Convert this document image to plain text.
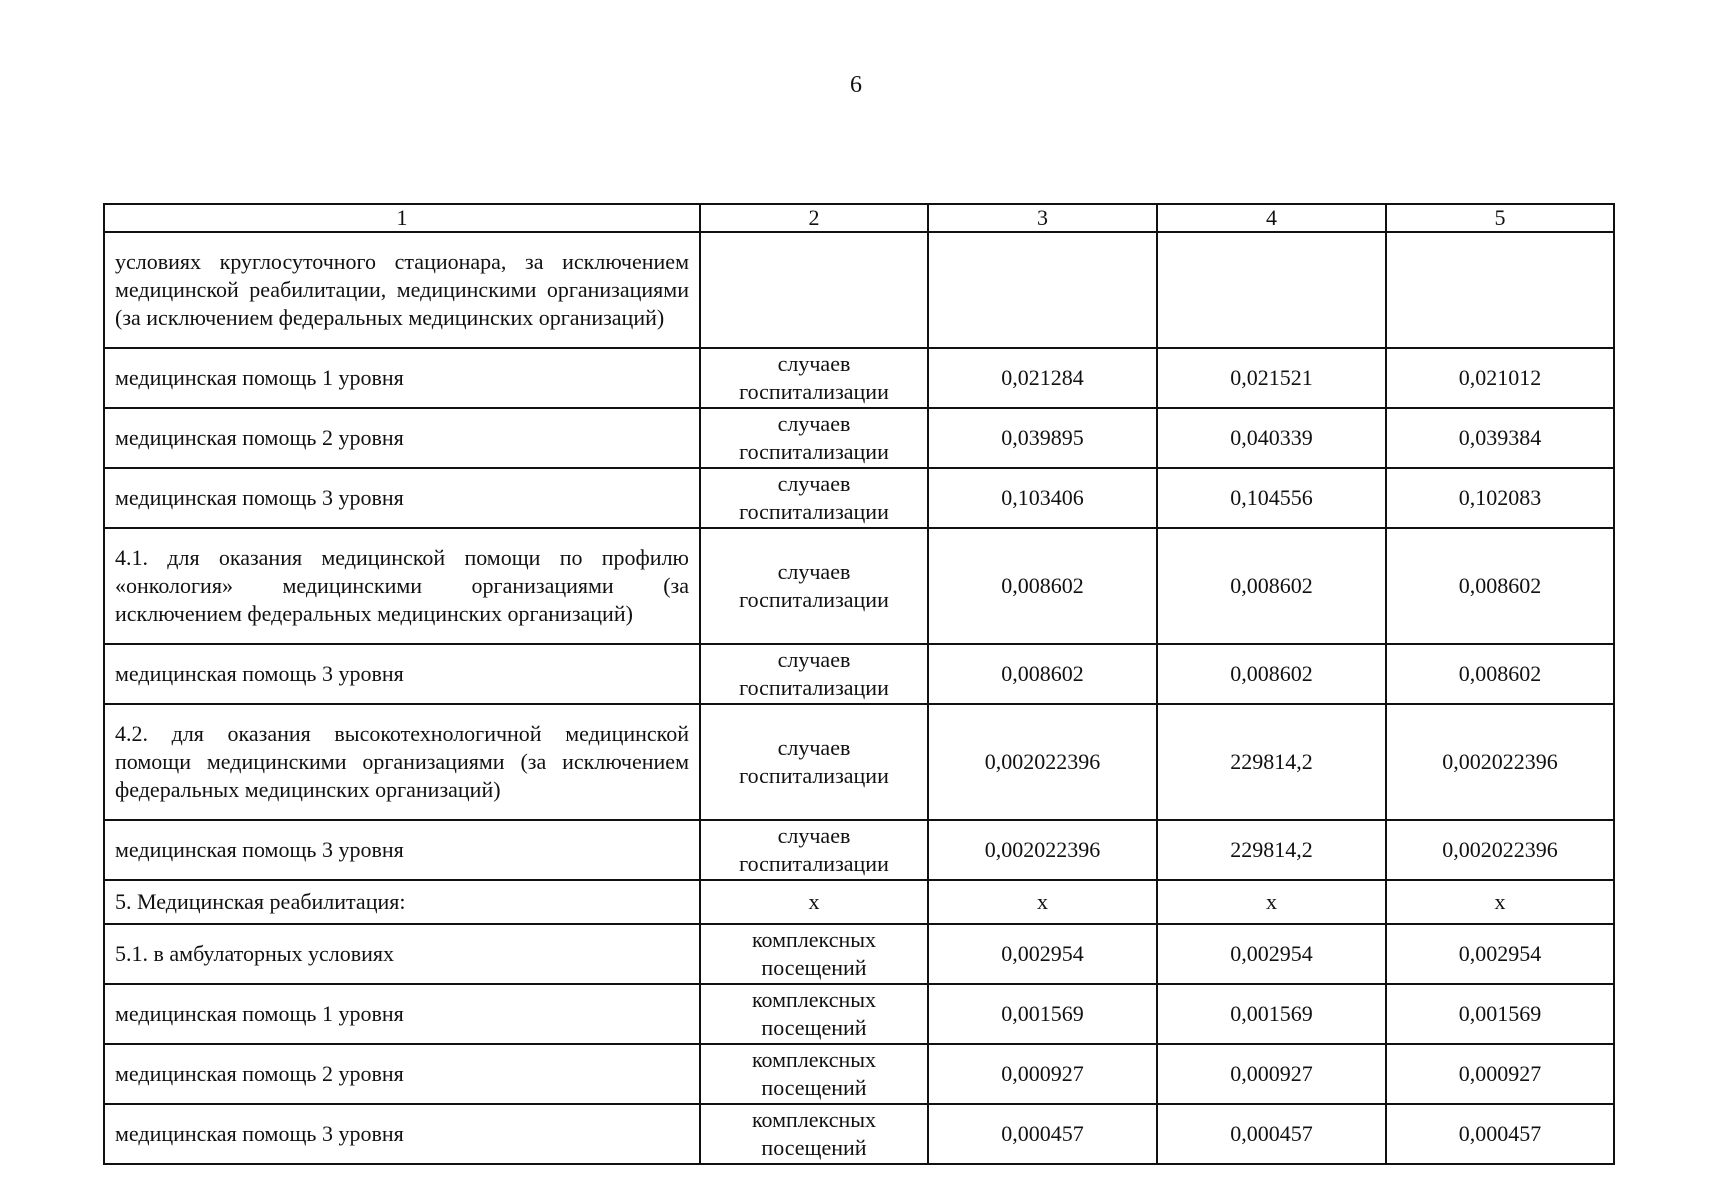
6
1	2	3	4	5
условиях круглосуточного стационара, за исключением медицинской реабилитации, медицинскими организациями (за исключением федеральных медицинских организаций)				
медицинская помощь 1 уровня	случаев госпитализации	0,021284	0,021521	0,021012
медицинская помощь 2 уровня	случаев госпитализации	0,039895	0,040339	0,039384
медицинская помощь 3 уровня	случаев госпитализации	0,103406	0,104556	0,102083
4.1. для оказания медицинской помощи по профилю «онкология» медицинскими организациями (за исключением федеральных медицинских организаций)	случаев госпитализации	0,008602	0,008602	0,008602
медицинская помощь 3 уровня	случаев госпитализации	0,008602	0,008602	0,008602
4.2. для оказания высокотехнологичной медицинской помощи медицинскими организациями (за исключением федеральных медицинских организаций)	случаев госпитализации	0,002022396	229814,2	0,002022396
медицинская помощь 3 уровня	случаев госпитализации	0,002022396	229814,2	0,002022396
5. Медицинская реабилитация:	х	х	х	х
5.1. в амбулаторных условиях	комплексных посещений	0,002954	0,002954	0,002954
медицинская помощь 1 уровня	комплексных посещений	0,001569	0,001569	0,001569
медицинская помощь 2 уровня	комплексных посещений	0,000927	0,000927	0,000927
медицинская помощь 3 уровня	комплексных посещений	0,000457	0,000457	0,000457
